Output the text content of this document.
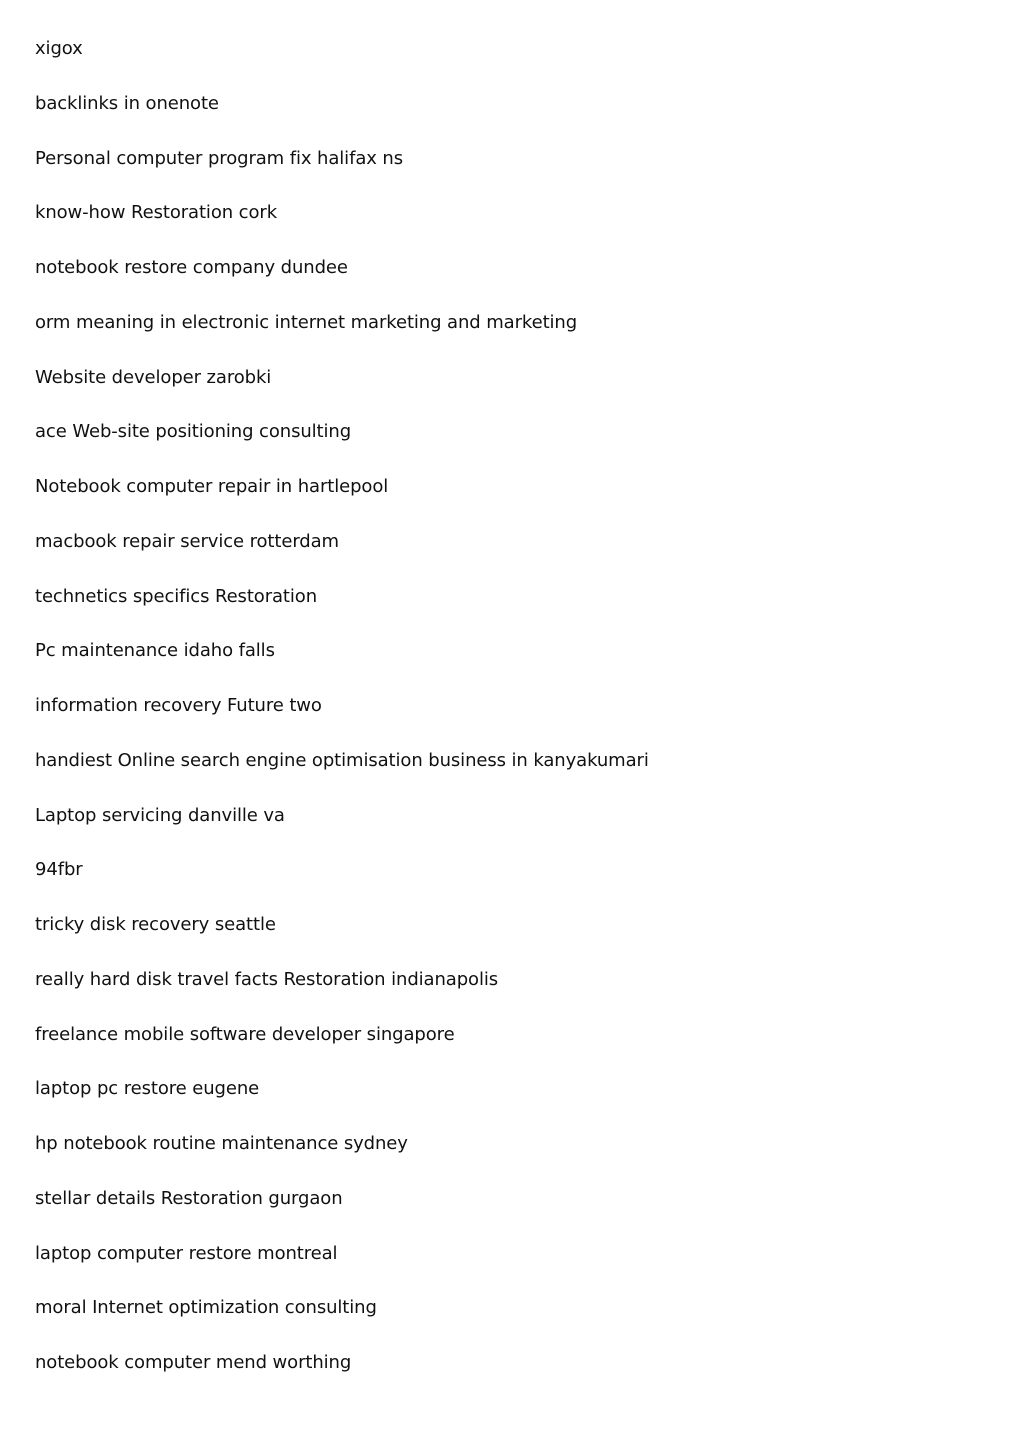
xigox
backlinks in onenote
Personal computer program fix halifax ns
know-how Restoration cork
notebook restore company dundee
orm meaning in electronic internet marketing and marketing
Website developer zarobki
ace Web-site positioning consulting
Notebook computer repair in hartlepool
macbook repair service rotterdam
technetics specifics Restoration
Pc maintenance idaho falls
information recovery Future two
handiest Online search engine optimisation business in kanyakumari
Laptop servicing danville va
94fbr
tricky disk recovery seattle
really hard disk travel facts Restoration indianapolis
freelance mobile software developer singapore
laptop pc restore eugene
hp notebook routine maintenance sydney
stellar details Restoration gurgaon
laptop computer restore montreal
moral Internet optimization consulting
notebook computer mend worthing
